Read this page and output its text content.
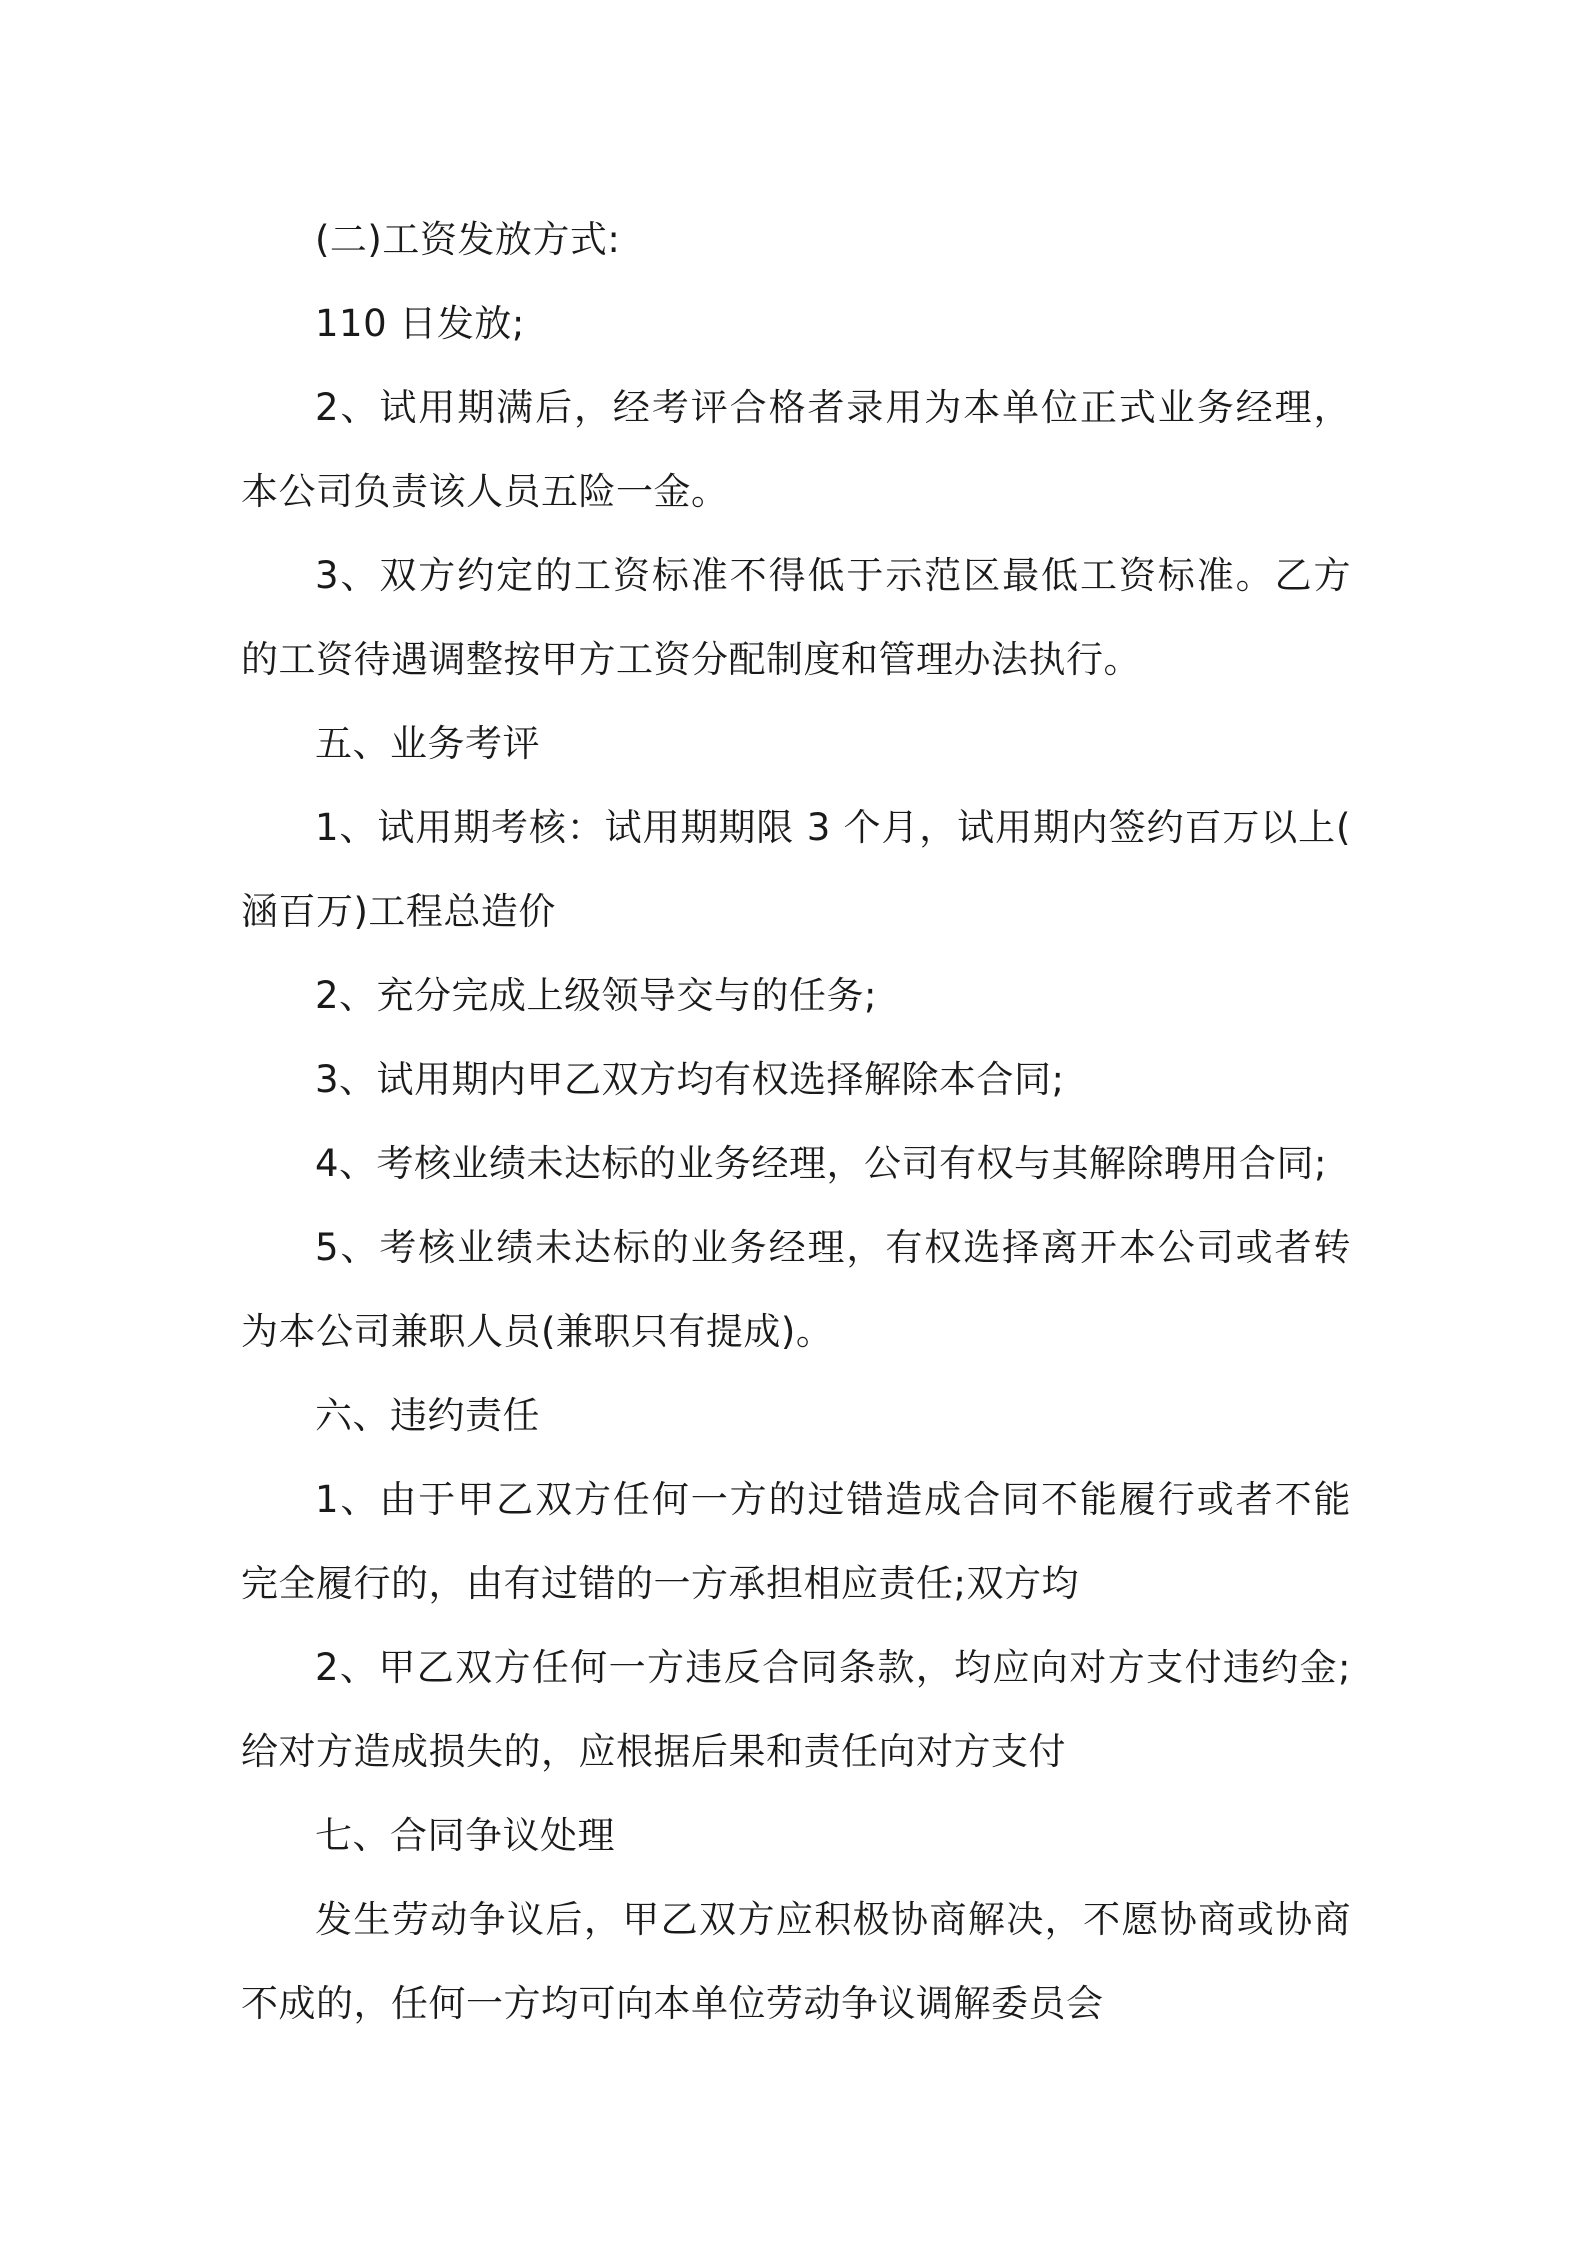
(二)工资发放方式:

110 日发放;

2、试用期满后，经考评合格者录用为本单位正式业务经理，本公司负责该人员五险一金。

3、双方约定的工资标准不得低于示范区最低工资标准。乙方的工资待遇调整按甲方工资分配制度和管理办法执行。

五、业务考评

1、试用期考核：试用期期限 3 个月，试用期内签约百万以上(涵百万)工程总造价

2、充分完成上级领导交与的任务;

3、试用期内甲乙双方均有权选择解除本合同;

4、考核业绩未达标的业务经理，公司有权与其解除聘用合同;

5、考核业绩未达标的业务经理，有权选择离开本公司或者转为本公司兼职人员(兼职只有提成)。

六、违约责任

1、由于甲乙双方任何一方的过错造成合同不能履行或者不能完全履行的，由有过错的一方承担相应责任;双方均

2、甲乙双方任何一方违反合同条款，均应向对方支付违约金;给对方造成损失的，应根据后果和责任向对方支付

七、合同争议处理

发生劳动争议后，甲乙双方应积极协商解决，不愿协商或协商不成的，任何一方均可向本单位劳动争议调解委员会
